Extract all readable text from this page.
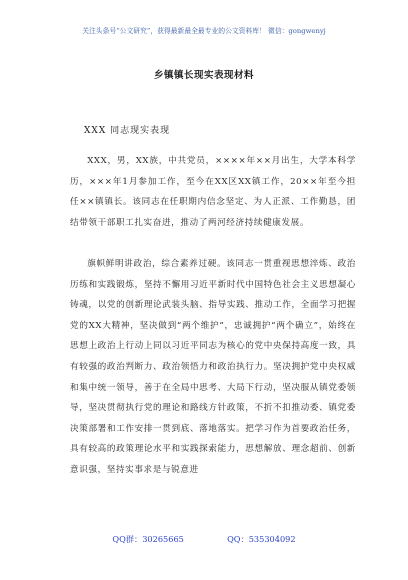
关注头条号“公文研究”，获得最新最全最专业的公文资料库！ 微信：gongwenyj
乡镇镇长现实表现材料
XXX 同志现实表现

XXX，男，XX族，中共党员，××××年××月出生，大学本科学历，×××年1月参加工作，至今在XX区XX镇工作，20××年至今担任××镇镇长。该同志在任职期内信念坚定、为人正派、工作勤恳，团结带领干部职工扎实奋进，推动了两河经济持续健康发展。

旗帜鲜明讲政治，综合素养过硬。该同志一贯重视思想淬炼、政治历练和实践锻炼，坚持不懈用习近平新时代中国特色社会主义思想凝心铸魂，以党的创新理论武装头脑、指导实践、推动工作，全面学习把握党的XX大精神，坚决做到“两个维护”，忠诚拥护“两个确立”，始终在思想上政治上行动上同以习近平同志为核心的党中央保持高度一致，具有较强的政治判断力、政治领悟力和政治执行力。坚决拥护党中央权威和集中统一领导，善于在全局中思考、大局下行动，坚决服从镇党委领导，坚决贯彻执行党的理论和路线方针政策，不折不扣推动委、镇党委决策部署和工作安排一贯到底、落地落实。把学习作为首要政治任务，具有较高的政策理论水平和实践探索能力，思想解放、理念超前、创新意识强，坚持实事求是与锐意进

QQ群：30265665	QQ：535304092
